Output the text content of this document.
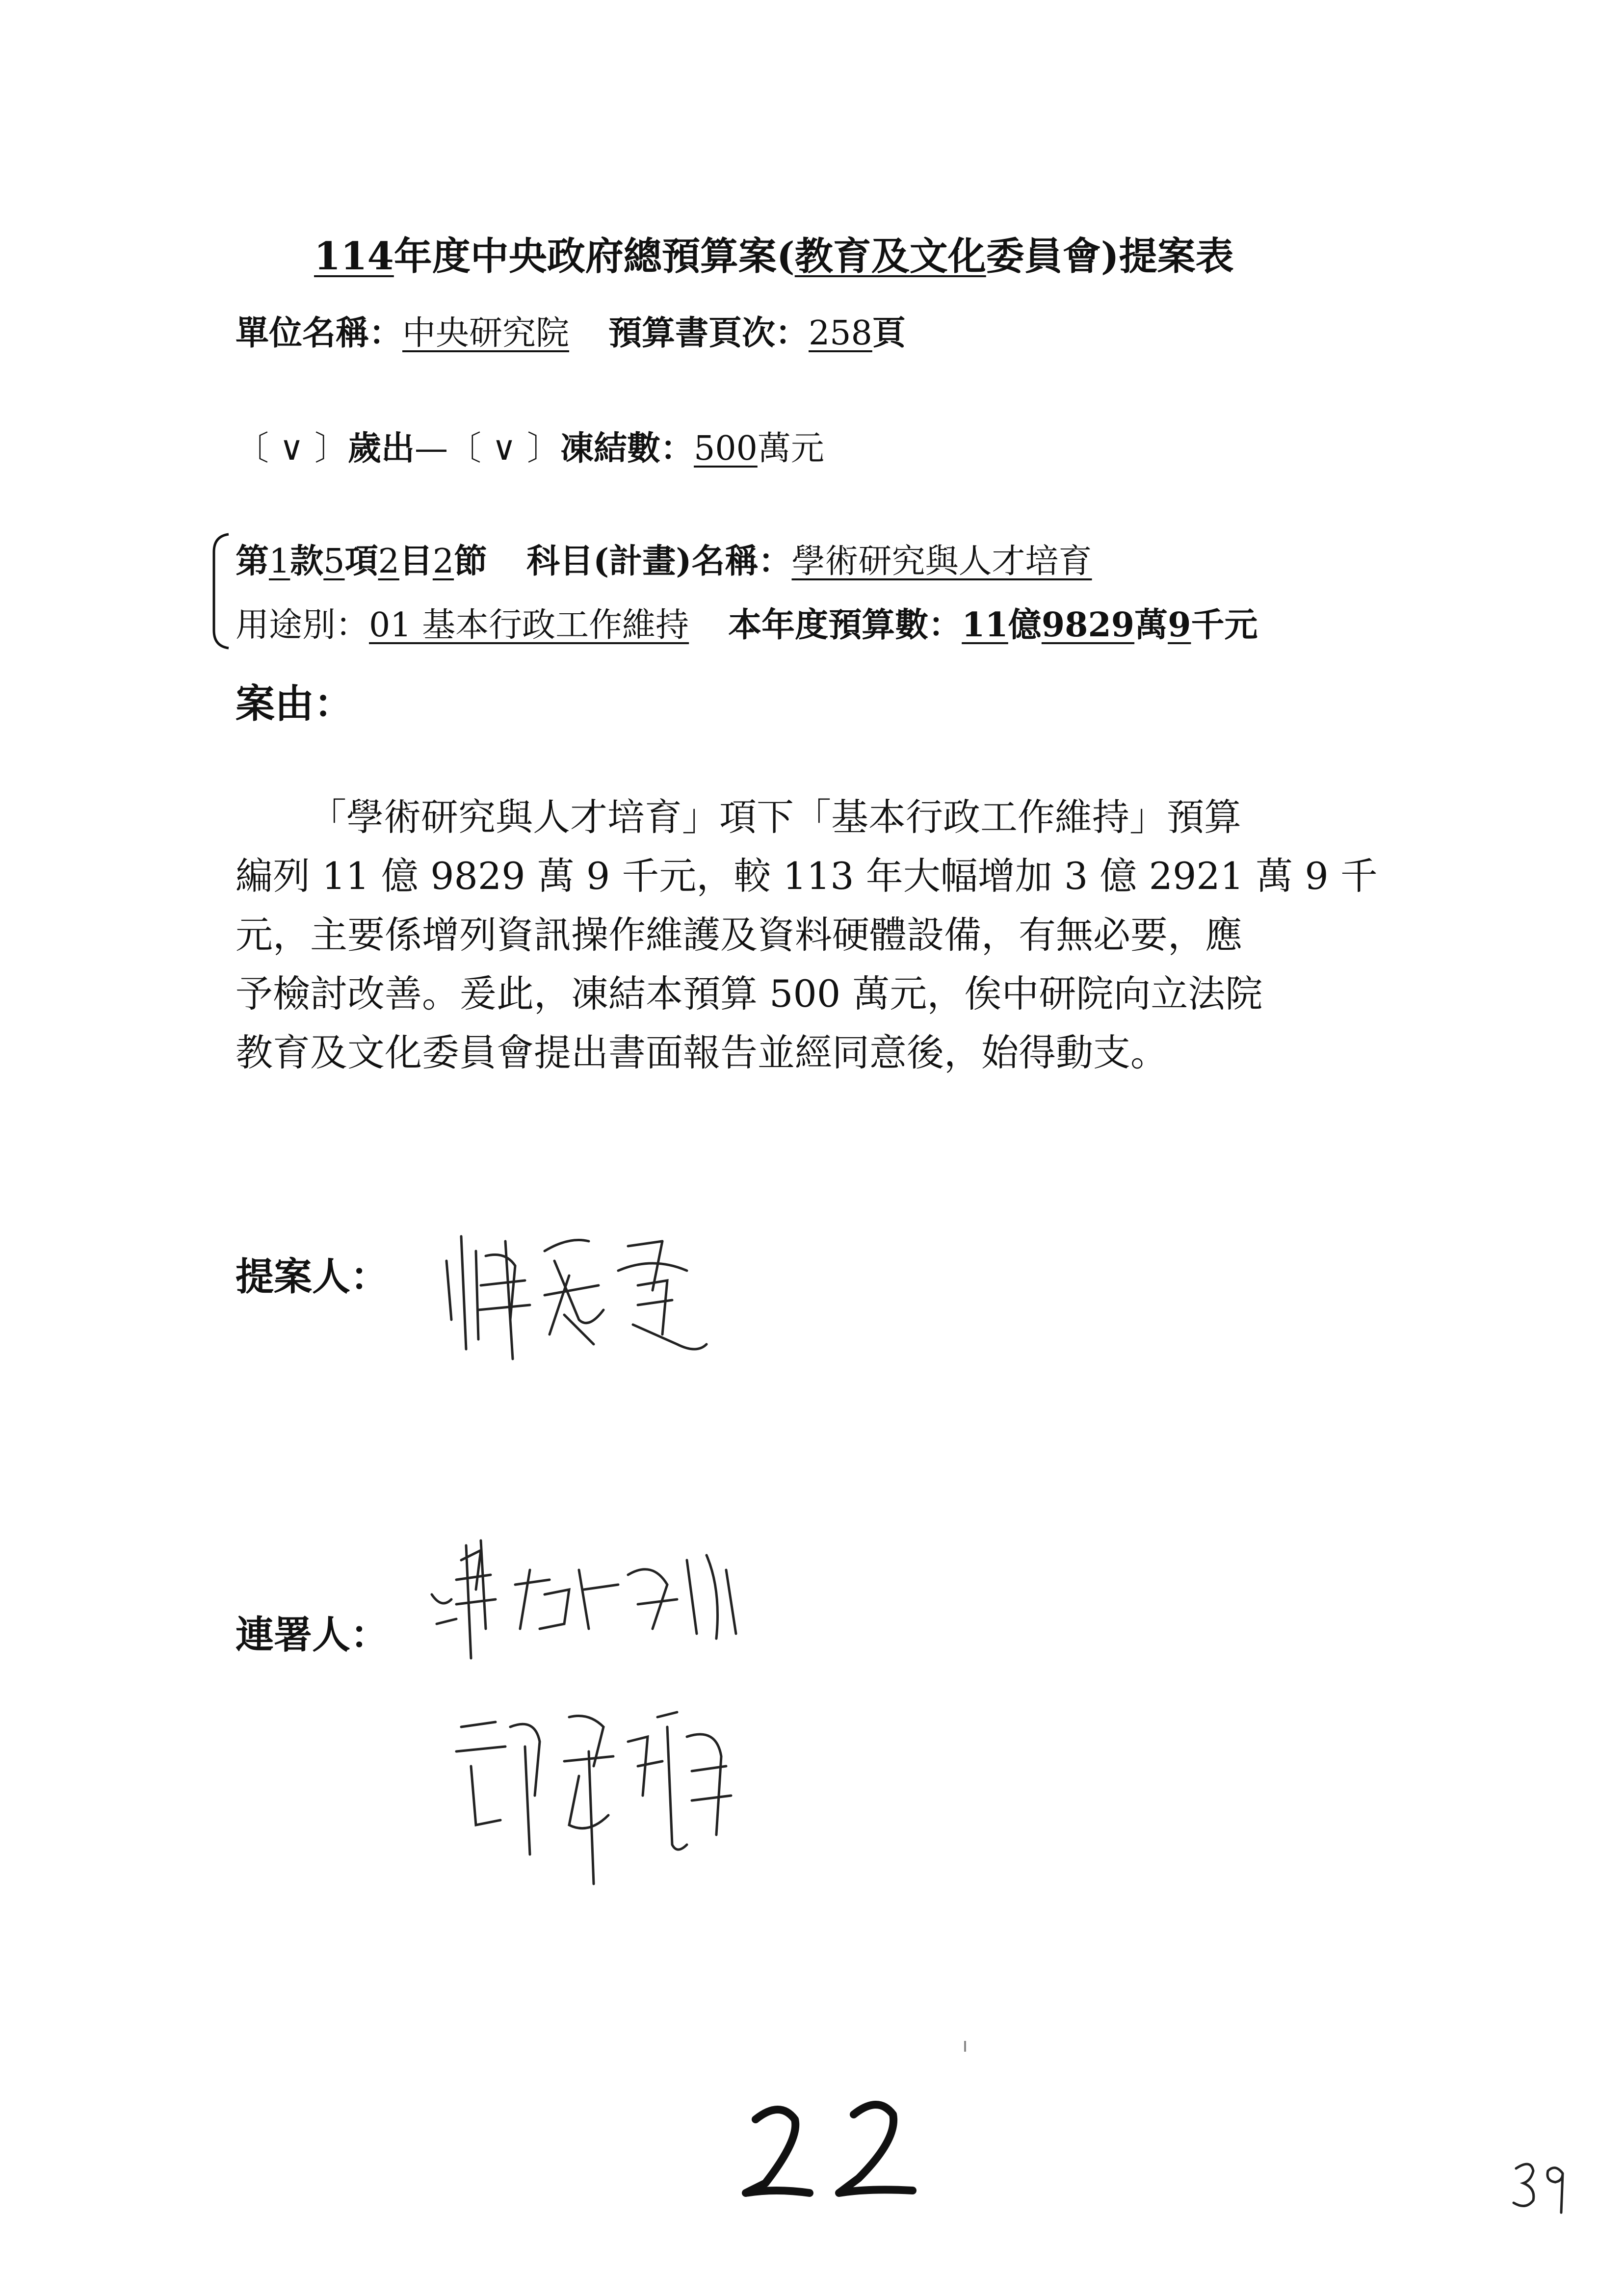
114年度中央政府總預算案(教育及文化委員會)提案表
單位名稱：中央研究院 預算書頁次：258頁
〔 ∨ 〕歲出—〔 ∨ 〕凍結數：500萬元
第1款5項2目2節 科目(計畫)名稱：學術研究與人才培育
用途別：01 基本行政工作維持 本年度預算數：11億9829萬9千元
案由：
「學術研究與人才培育」項下「基本行政工作維持」預算
編列 11 億 9829 萬 9 千元，較 113 年大幅增加 3 億 2921 萬 9 千
元，主要係增列資訊操作維護及資料硬體設備，有無必要，應
予檢討改善。爰此，凍結本預算 500 萬元，俟中研院向立法院
教育及文化委員會提出書面報告並經同意後，始得動支。
提案人：
連署人：
